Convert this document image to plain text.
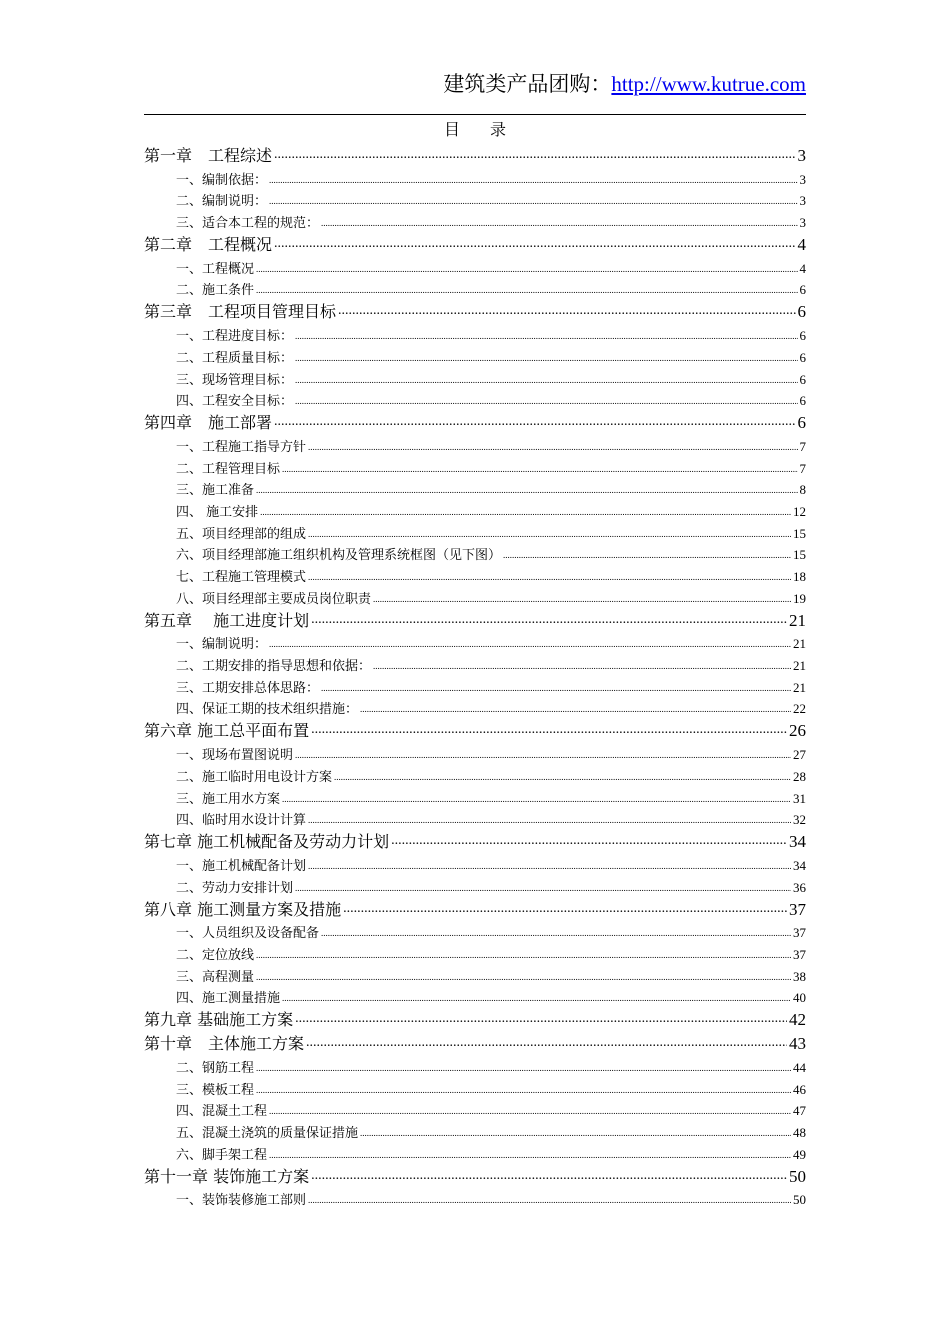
建筑类产品团购：http://www.kutrue.com
目录
第一章　工程综述 .....	3
一、编制依据： .....	3
二、编制说明： .....	3
三、适合本工程的规范： .....	3
第二章　工程概况 .....	4
一、工程概况 .....	4
二、施工条件 .....	6
第三章　工程项目管理目标 .....	6
一、工程进度目标： .....	6
二、工程质量目标： .....	6
三、现场管理目标： .....	6
四、工程安全目标： .....	6
第四章　施工部署 .....	6
一、工程施工指导方针 .....	7
二、工程管理目标 .....	7
三、施工准备 .....	8
四、 施工安排 .....	12
五、项目经理部的组成 .....	15
六、项目经理部施工组织机构及管理系统框图（见下图） .....	15
七、工程施工管理模式 .....	18
八、项目经理部主要成员岗位职责 .....	19
第五章　 施工进度计划 .....	21
一、编制说明： .....	21
二、工期安排的指导思想和依据： .....	21
三、工期安排总体思路： .....	21
四、保证工期的技术组织措施： .....	22
第六章 施工总平面布置 .....	26
一、现场布置图说明 .....	27
二、施工临时用电设计方案 .....	28
三、施工用水方案 .....	31
四、临时用水设计计算 .....	32
第七章 施工机械配备及劳动力计划 .....	34
一、施工机械配备计划 .....	34
二、劳动力安排计划 .....	36
第八章 施工测量方案及措施 .....	37
一、人员组织及设备配备 .....	37
二、定位放线 .....	37
三、高程测量 .....	38
四、施工测量措施 .....	40
第九章 基础施工方案 .....	42
第十章　主体施工方案 .....	43
二、钢筋工程 .....	44
三、模板工程 .....	46
四、混凝土工程 .....	47
五、混凝土浇筑的质量保证措施 .....	48
六、脚手架工程 .....	49
第十一章 装饰施工方案 .....	50
一、装饰装修施工部则 .....	50
